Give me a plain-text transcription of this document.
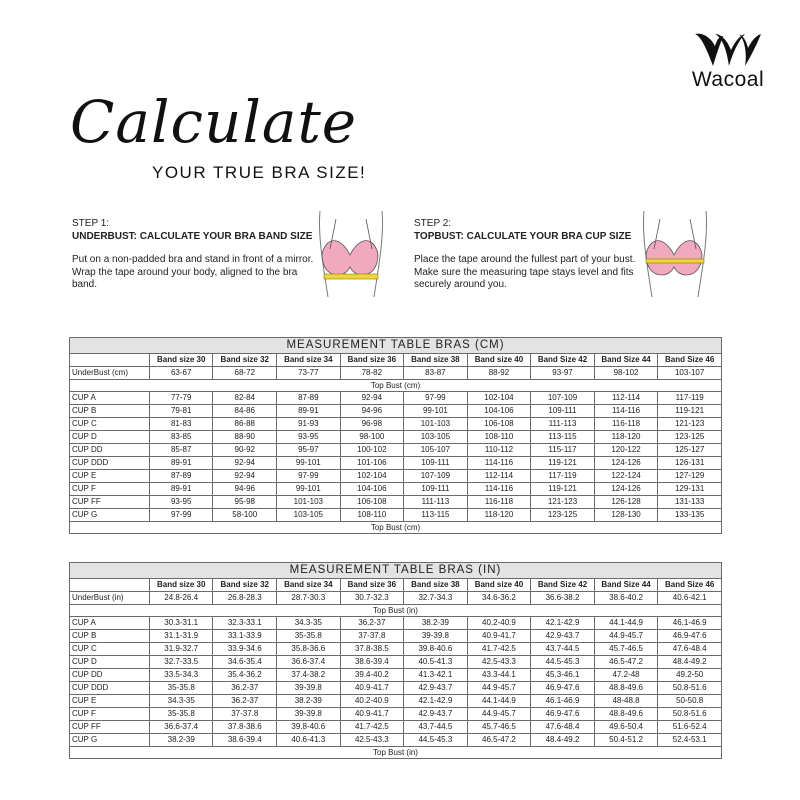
Wacoal
Calculate
YOUR TRUE BRA SIZE!
STEP 1:
UNDERBUST: CALCULATE YOUR BRA BAND SIZE
Put on a non-padded bra and stand in front of a mirror. Wrap the tape around your body, aligned to the bra band.
STEP 2:
TOPBUST: CALCULATE YOUR BRA CUP SIZE
Place the tape around the fullest part of your bust. Make sure the measuring tape stays level and fits securely around you.
MEASUREMENT TABLE BRAS (CM)									
	Band size 30	Band size 32	Band size 34	Band size 36	Band size 38	Band size 40	Band Size 42	Band Size 44	Band Size 46
UnderBust (cm)	63-67	68-72	73-77	78-82	83-87	88-92	93-97	98-102	103-107
Top Bust (cm)									
CUP A	77-79	82-84	87-89	92-94	97-99	102-104	107-109	112-114	117-119
CUP B	79-81	84-86	89-91	94-96	99-101	104-106	109-111	114-116	119-121
CUP C	81-83	86-88	91-93	96-98	101-103	106-108	111-113	116-118	121-123
CUP D	83-85	88-90	93-95	98-100	103-105	108-110	113-115	118-120	123-125
CUP DD	85-87	90-92	95-97	100-102	105-107	110-112	115-117	120-122	125-127
CUP DDD	89-91	92-94	99-101	101-106	109-111	114-116	119-121	124-126	126-131
CUP E	87-89	92-94	97-99	102-104	107-109	112-114	117-119	122-124	127-129
CUP F	89-91	94-96	99-101	104-106	109-111	114-116	119-121	124-126	129-131
CUP FF	93-95	95-98	101-103	106-108	111-113	116-118	121-123	126-128	131-133
CUP G	97-99	58-100	103-105	108-110	113-115	118-120	123-125	128-130	133-135
Top Bust (cm)									
MEASUREMENT TABLE BRAS (IN)									
	Band size 30	Band size 32	Band size 34	Band size 36	Band size 38	Band size 40	Band Size 42	Band Size 44	Band Size 46
UnderBust (in)	24.8-26.4	26.8-28.3	28.7-30.3	30.7-32.3	32.7-34.3	34.6-36.2	36.6-38.2	38.6-40.2	40.6-42.1
Top Bust (in)									
CUP A	30.3-31.1	32.3-33.1	34.3-35	36.2-37	38.2-39	40.2-40.9	42.1-42.9	44.1-44.9	46.1-46.9
CUP B	31.1-31.9	33.1-33.9	35-35.8	37-37.8	39-39.8	40.9-41.7	42.9-43.7	44.9-45.7	46.9-47.6
CUP C	31.9-32.7	33.9-34.6	35.8-36.6	37.8-38.5	39.8-40.6	41.7-42.5	43.7-44.5	45.7-46.5	47.6-48.4
CUP D	32.7-33.5	34.6-35.4	36.6-37.4	38.6-39.4	40.5-41.3	42.5-43.3	44.5-45.3	46.5-47.2	48.4-49.2
CUP DD	33.5-34.3	35.4-36.2	37.4-38.2	39.4-40.2	41.3-42.1	43.3-44.1	45.3-46.1	47.2-48	49.2-50
CUP DDD	35-35.8	36.2-37	39-39.8	40.9-41.7	42.9-43.7	44.9-45.7	46.9-47.6	48.8-49.6	50.8-51.6
CUP E	34.3-35	36.2-37	38.2-39	40.2-40.9	42.1-42.9	44.1-44.9	46.1-46.9	48-48.8	50-50.8
CUP F	35-35.8	37-37.8	39-39.8	40.9-41.7	42.9-43.7	44.9-45.7	46.9-47.6	48.8-49.6	50.8-51.6
CUP FF	36.6-37.4	37.8-38.6	39.8-40.6	41.7-42.5	43.7-44.5	45.7-46.5	47.6-48.4	49.6-50.4	51.6-52.4
CUP G	38.2-39	38.6-39.4	40.6-41.3	42.5-43.3	44.5-45.3	46.5-47.2	48.4-49.2	50.4-51.2	52.4-53.1
Top Bust (in)									
